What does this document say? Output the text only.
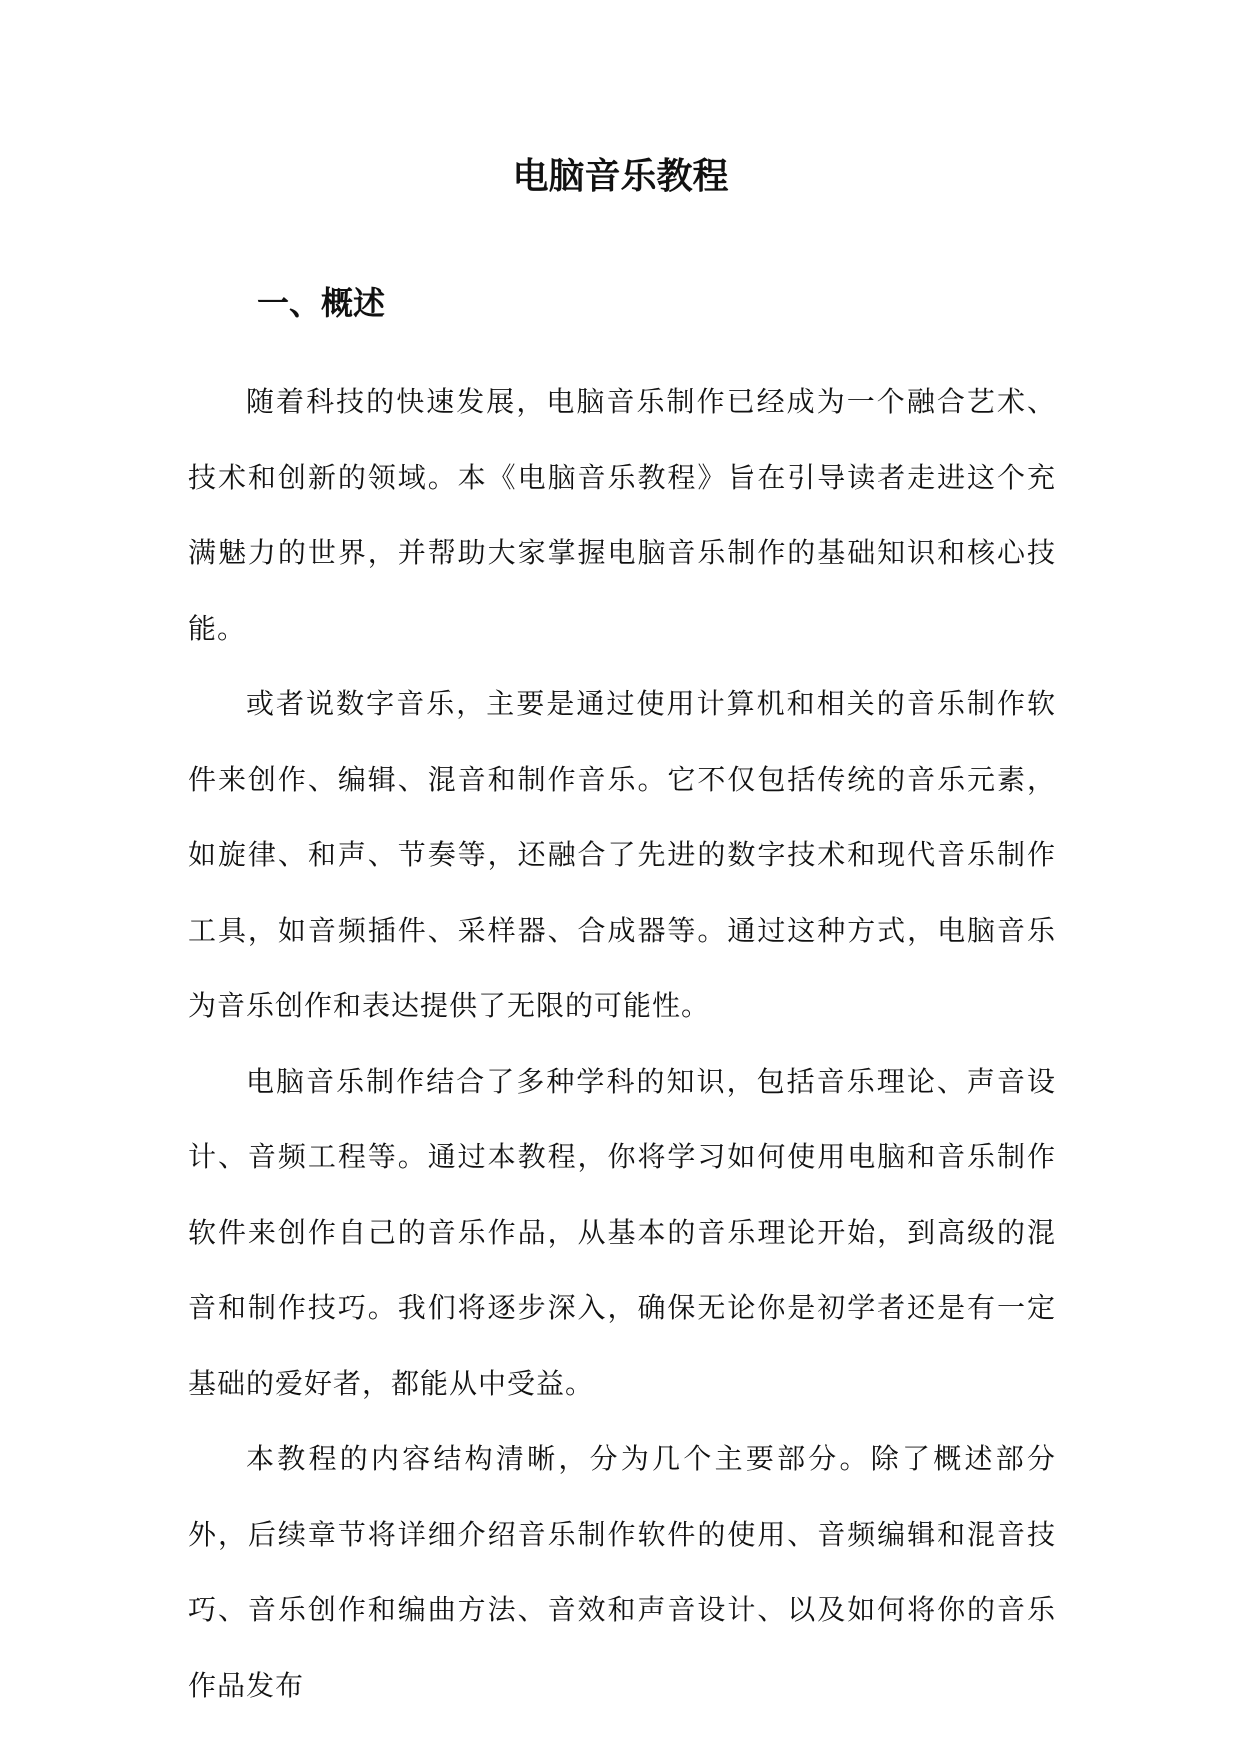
电脑音乐教程
一、概述

随着科技的快速发展，电脑音乐制作已经成为一个融合艺术、技术和创新的领域。本《电脑音乐教程》旨在引导读者走进这个充满魅力的世界，并帮助大家掌握电脑音乐制作的基础知识和核心技能。

或者说数字音乐，主要是通过使用计算机和相关的音乐制作软件来创作、编辑、混音和制作音乐。它不仅包括传统的音乐元素，如旋律、和声、节奏等，还融合了先进的数字技术和现代音乐制作工具，如音频插件、采样器、合成器等。通过这种方式，电脑音乐为音乐创作和表达提供了无限的可能性。

电脑音乐制作结合了多种学科的知识，包括音乐理论、声音设计、音频工程等。通过本教程，你将学习如何使用电脑和音乐制作软件来创作自己的音乐作品，从基本的音乐理论开始，到高级的混音和制作技巧。我们将逐步深入，确保无论你是初学者还是有一定基础的爱好者，都能从中受益。

本教程的内容结构清晰，分为几个主要部分。除了概述部分外，后续章节将详细介绍音乐制作软件的使用、音频编辑和混音技巧、音乐创作和编曲方法、音效和声音设计、以及如何将你的音乐作品发布
